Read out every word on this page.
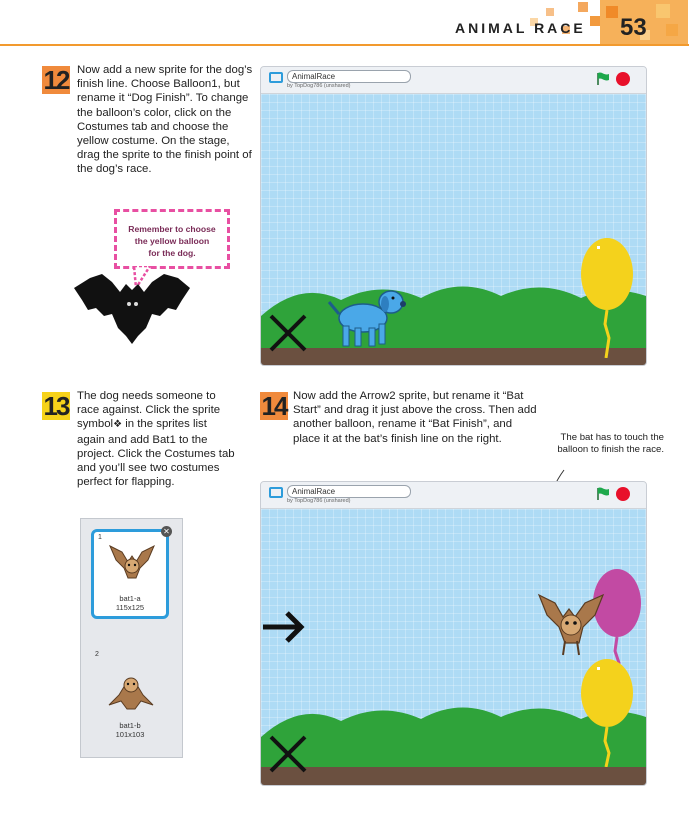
ANIMAL RACE 53
12 Now add a new sprite for the dog’s finish line. Choose Balloon1, but rename it “Dog Finish”. To change the balloon’s color, click on the Costumes tab and choose the yellow costume. On the stage, drag the sprite to the finish point of the dog’s race.
Remember to choose
the yellow balloon
for the dog.
AnimalRace
by TopDog786 (unshared)
13 The dog needs someone to race against. Click the sprite symbol❖ in the sprites list again and add Bat1 to the project. Click the Costumes tab and you’ll see two costumes perfect for flapping.
14 Now add the Arrow2 sprite, but rename it “Bat Start” and drag it just above the cross. Then add another balloon, rename it “Bat Finish”, and place it at the bat’s finish line on the right.	The bat has to touch the balloon to finish the race.
1
✕
bat1-a
115x125
2
bat1-b
101x103
AnimalRace
by TopDog786 (unshared)
